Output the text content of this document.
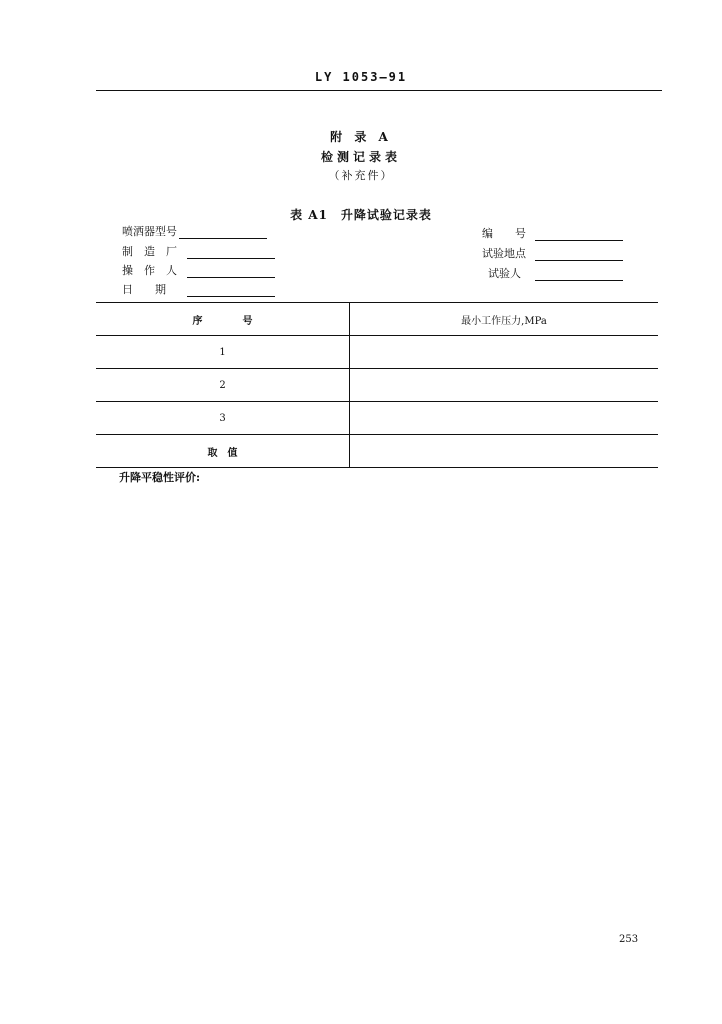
LY 1053—91
附 录 A
检测记录表
（补充件）
表 A1　升降试验记录表
喷洒器型号
制　造　厂
操　作　人
日　　期
编　　号
试验地点
试验人
序　　　　号	最小工作压力,MPa
1	
2	
3	
取　值	
升降平稳性评价:
253
